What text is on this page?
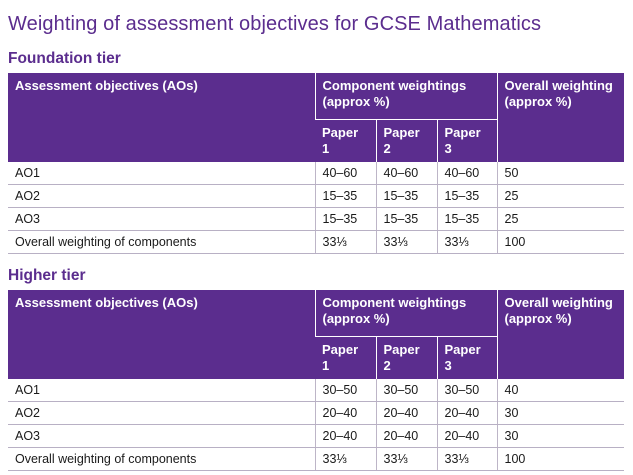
Weighting of assessment objectives for GCSE Mathematics
Foundation tier
Assessment objectives (AOs)	Component weightings (approx %)			Overall weighting (approx %)
	Paper 1	Paper 2	Paper 3	
AO1	40–60	40–60	40–60	50
AO2	15–35	15–35	15–35	25
AO3	15–35	15–35	15–35	25
Overall weighting of components	33⅓	33⅓	33⅓	100
Higher tier
Assessment objectives (AOs)	Component weightings (approx %)			Overall weighting (approx %)
	Paper 1	Paper 2	Paper 3	
AO1	30–50	30–50	30–50	40
AO2	20–40	20–40	20–40	30
AO3	20–40	20–40	20–40	30
Overall weighting of components	33⅓	33⅓	33⅓	100
